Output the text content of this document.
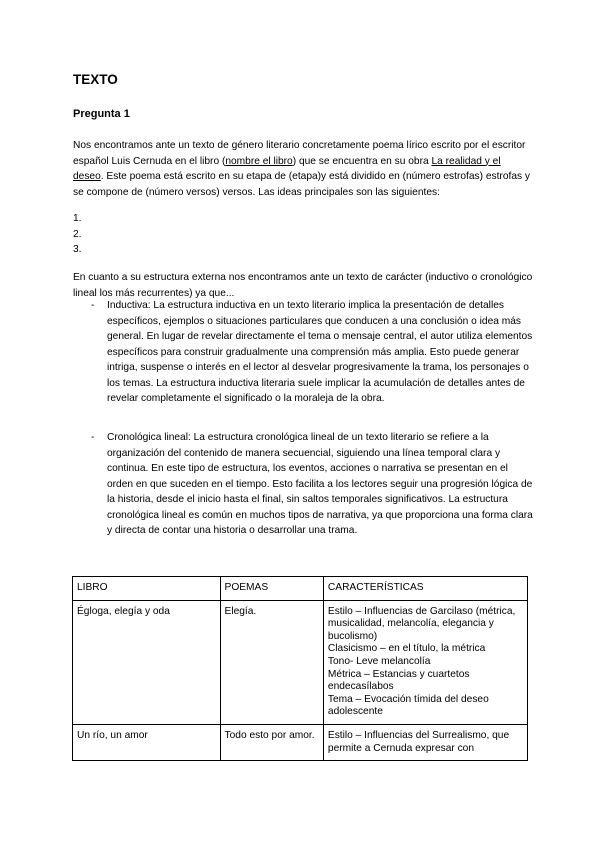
TEXTO
Pregunta 1
Nos encontramos ante un texto de género literario concretamente poema lírico escrito por el escritor español Luis Cernuda en el libro (nombre el libro) que se encuentra en su obra La realidad y el deseo. Este poema está escrito en su etapa de (etapa)y está dividido en (número estrofas) estrofas y se compone de (número versos) versos. Las ideas principales son las siguientes:
1.
2.
3.
En cuanto a su estructura externa nos encontramos ante un texto de carácter (inductivo o cronológico lineal los más recurrentes) ya que...
- Inductiva: La estructura inductiva en un texto literario implica la presentación de detalles específicos, ejemplos o situaciones particulares que conducen a una conclusión o idea más general. En lugar de revelar directamente el tema o mensaje central, el autor utiliza elementos específicos para construir gradualmente una comprensión más amplia. Esto puede generar intriga, suspense o interés en el lector al desvelar progresivamente la trama, los personajes o los temas. La estructura inductiva literaria suele implicar la acumulación de detalles antes de revelar completamente el significado o la moraleja de la obra.
- Cronológica lineal: La estructura cronológica lineal de un texto literario se refiere a la organización del contenido de manera secuencial, siguiendo una línea temporal clara y continua. En este tipo de estructura, los eventos, acciones o narrativa se presentan en el orden en que suceden en el tiempo. Esto facilita a los lectores seguir una progresión lógica de la historia, desde el inicio hasta el final, sin saltos temporales significativos. La estructura cronológica lineal es común en muchos tipos de narrativa, ya que proporciona una forma clara y directa de contar una historia o desarrollar una trama.
LIBRO	POEMAS	CARACTERÍSTICAS
Égloga, elegía y oda	Elegía.	Estilo – Influencias de Garcilaso (métrica, musicalidad, melancolía, elegancia y bucolismo)
Clasicismo – en el título, la métrica
Tono- Leve melancolía
Métrica – Estancias y cuartetos endecasílabos
Tema – Evocación tímida del deseo adolescente

Un río, un amor	Todo esto por amor.	Estilo – Influencias del Surrealismo, que permite a Cernuda expresar con
